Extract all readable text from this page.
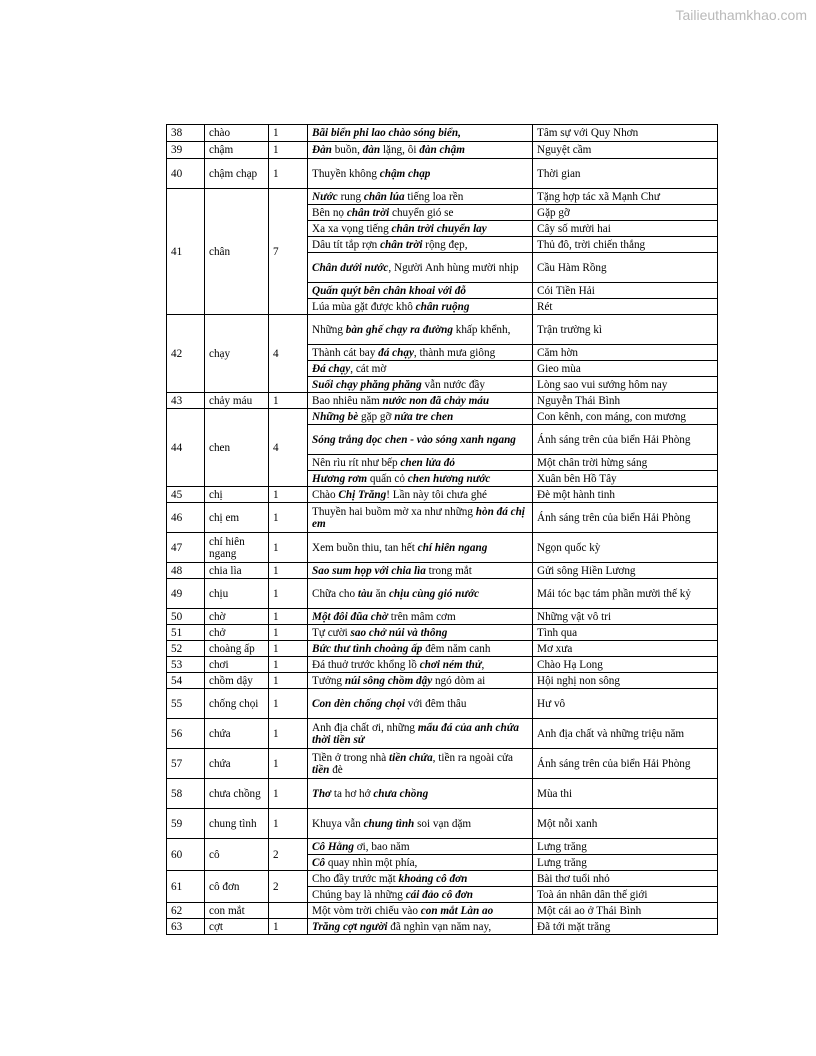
Tailieuthamkhao.com
38	chào	1	Bãi biển phi lao chào sóng biển,	Tâm sự với Quy Nhơn
39	chậm	1	Đàn buồn, đàn lặng, ôi đàn chậm	Nguyệt cầm
40	chậm chạp	1	Thuyền không chậm chạp	Thời gian
41	chân	7	Nước rung chân lúa tiếng loa rền	Tặng hợp tác xã Mạnh Chư
			Bên nọ chân trời chuyển gió se	Gặp gỡ
			Xa xa vọng tiếng chân trời chuyển lay	Cây số mười hai
			Dâu tít tắp rợn chân trời rộng đẹp,	Thủ đô, trời chiến thắng
			Chân dưới nước, Người Anh hùng mười nhịp	Cầu Hàm Rồng
			Quấn quýt bên chân khoai với đỗ	Cói Tiền Hải
			Lúa mùa gặt được khô chân ruộng	Rét
42	chạy	4	Những bàn ghế chạy ra đường khấp khểnh,	Trận trường kì
			Thành cát bay đá chạy, thành mưa giông	Căm hờn
			Đá chạy, cát mờ	Gieo mùa
			Suối chạy phăng phăng vẫn nước đầy	Lòng sao vui sướng hôm nay
43	chảy máu	1	Bao nhiêu năm nước non đã chảy máu	Nguyễn Thái Bình
44	chen	4	Những bè gặp gỡ nứa tre chen	Con kênh, con máng, con mương
			Sóng trắng dọc chen - vào sóng xanh ngang	Ánh sáng trên của biển Hải Phòng
			Nên rìu rít như bếp chen lửa đỏ	Một chân trời hừng sáng
			Hương rơm quấn cỏ chen hương nước	Xuân bên Hồ Tây
45	chị	1	Chào Chị Trăng! Lần này tôi chưa ghé	Đè một hành tinh
46	chị em	1	Thuyền hai buồm mờ xa như những hòn đá chị em	Ánh sáng trên của biển Hải Phòng
47	chí hiên ngang	1	Xem buồn thiu, tan hết chí hiên ngang	Ngọn quốc kỳ
48	chia lìa	1	Sao sum họp với chia lìa trong mắt	Gửi sông Hiền Lương
49	chịu	1	Chữa cho tàu ăn chịu cùng gió nước	Mái tóc bạc tám phần mười thế kỷ
50	chờ	1	Một đôi đũa chờ trên mâm cơm	Những vật vô tri
51	chở	1	Tự cười sao chở núi và thông	Tình qua
52	choàng ấp	1	Bức thư tình choàng ấp đêm năm canh	Mơ xưa
53	chơi	1	Đá thuở trước khổng lồ chơi ném thử,	Chào Hạ Long
54	chồm dậy	1	Tưởng núi sông chồm dậy ngó dòm ai	Hội nghị non sông
55	chống chọi	1	Con dèn chống chọi với đêm thâu	Hư vô
56	chứa	1	Anh địa chất ơi, những mẩu đá của anh chứa thời tiền sử	Anh địa chất và những triệu năm
57	chứa	1	Tiền ở trong nhà tiền chứa, tiền ra ngoài cửa tiền đè	Ánh sáng trên của biển Hải Phòng
58	chưa chồng	1	Thơ ta hơ hớ chưa chồng	Mùa thi
59	chung tình	1	Khuya vẫn chung tình soi vạn dặm	Một nỗi xanh
60	cô	2	Cô Hằng ơi, bao năm	Lưng trăng
			Cô quay nhìn một phía,	Lưng trăng
61	cô đơn	2	Cho đầy trước mặt khoảng cô đơn	Bài thơ tuổi nhỏ
			Chúng bay là những cái đảo cô đơn	Toà án nhân dân thế giới
62	con mắt		Một vòm trời chiếu vào con mắt Làn ao	Một cái ao ở Thái Bình
63	cợt	1	Trăng cợt người đã nghìn vạn năm nay,	Đã tới mặt trăng
